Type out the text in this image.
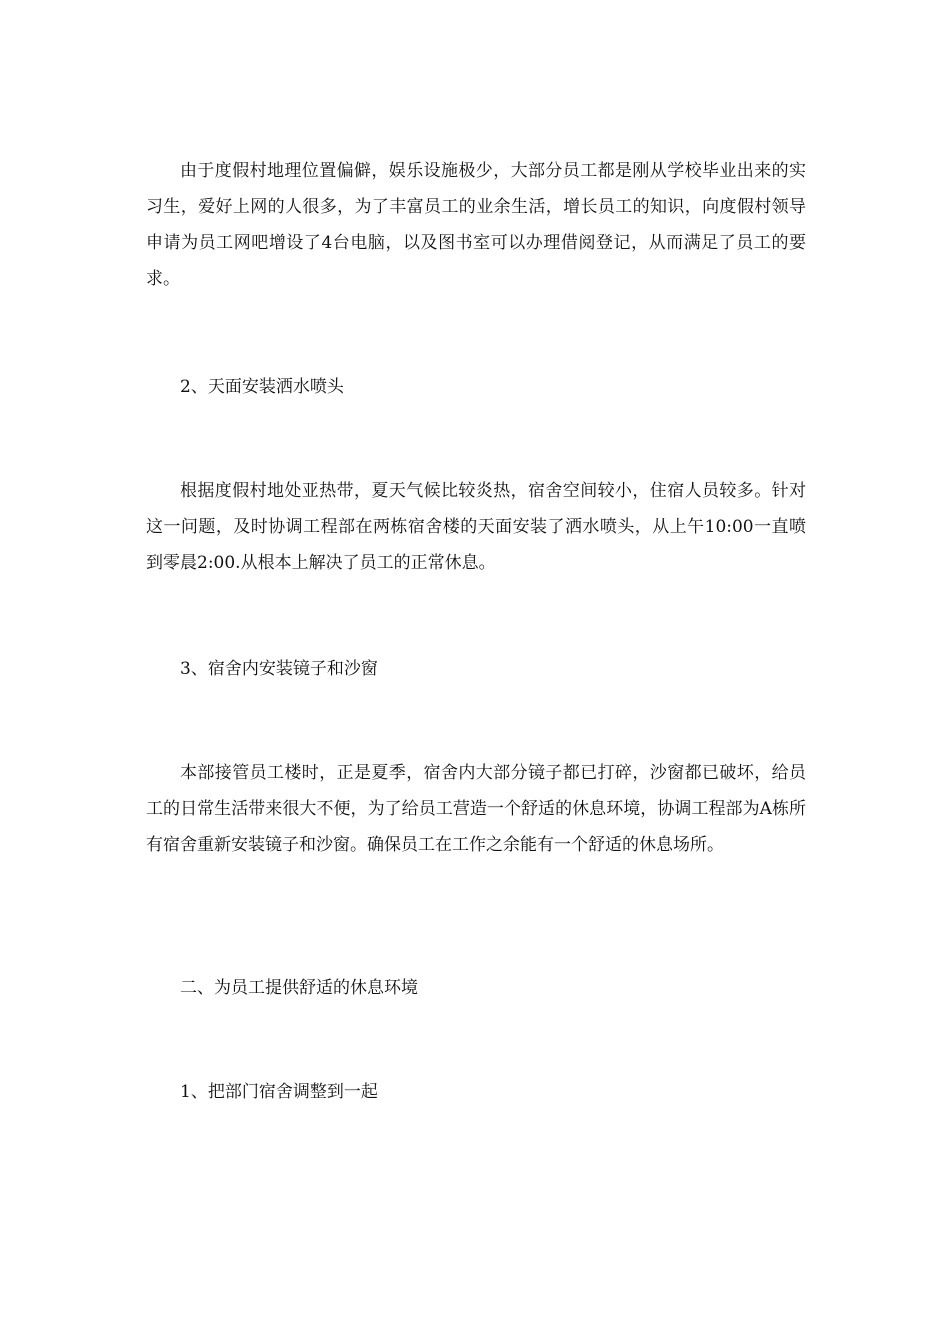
由于度假村地理位置偏僻，娱乐设施极少，大部分员工都是刚从学校毕业出来的实习生，爱好上网的人很多，为了丰富员工的业余生活，增长员工的知识，向度假村领导申请为员工网吧增设了4台电脑，以及图书室可以办理借阅登记，从而满足了员工的要求。

2、天面安装洒水喷头

根据度假村地处亚热带，夏天气候比较炎热，宿舍空间较小，住宿人员较多。针对这一问题，及时协调工程部在两栋宿舍楼的天面安装了洒水喷头，从上午10:00一直喷到零晨2:00.从根本上解决了员工的正常休息。

3、宿舍内安装镜子和沙窗

本部接管员工楼时，正是夏季，宿舍内大部分镜子都已打碎，沙窗都已破坏，给员工的日常生活带来很大不便，为了给员工营造一个舒适的休息环境，协调工程部为A栋所有宿舍重新安装镜子和沙窗。确保员工在工作之余能有一个舒适的休息场所。

二、为员工提供舒适的休息环境

1、把部门宿舍调整到一起
